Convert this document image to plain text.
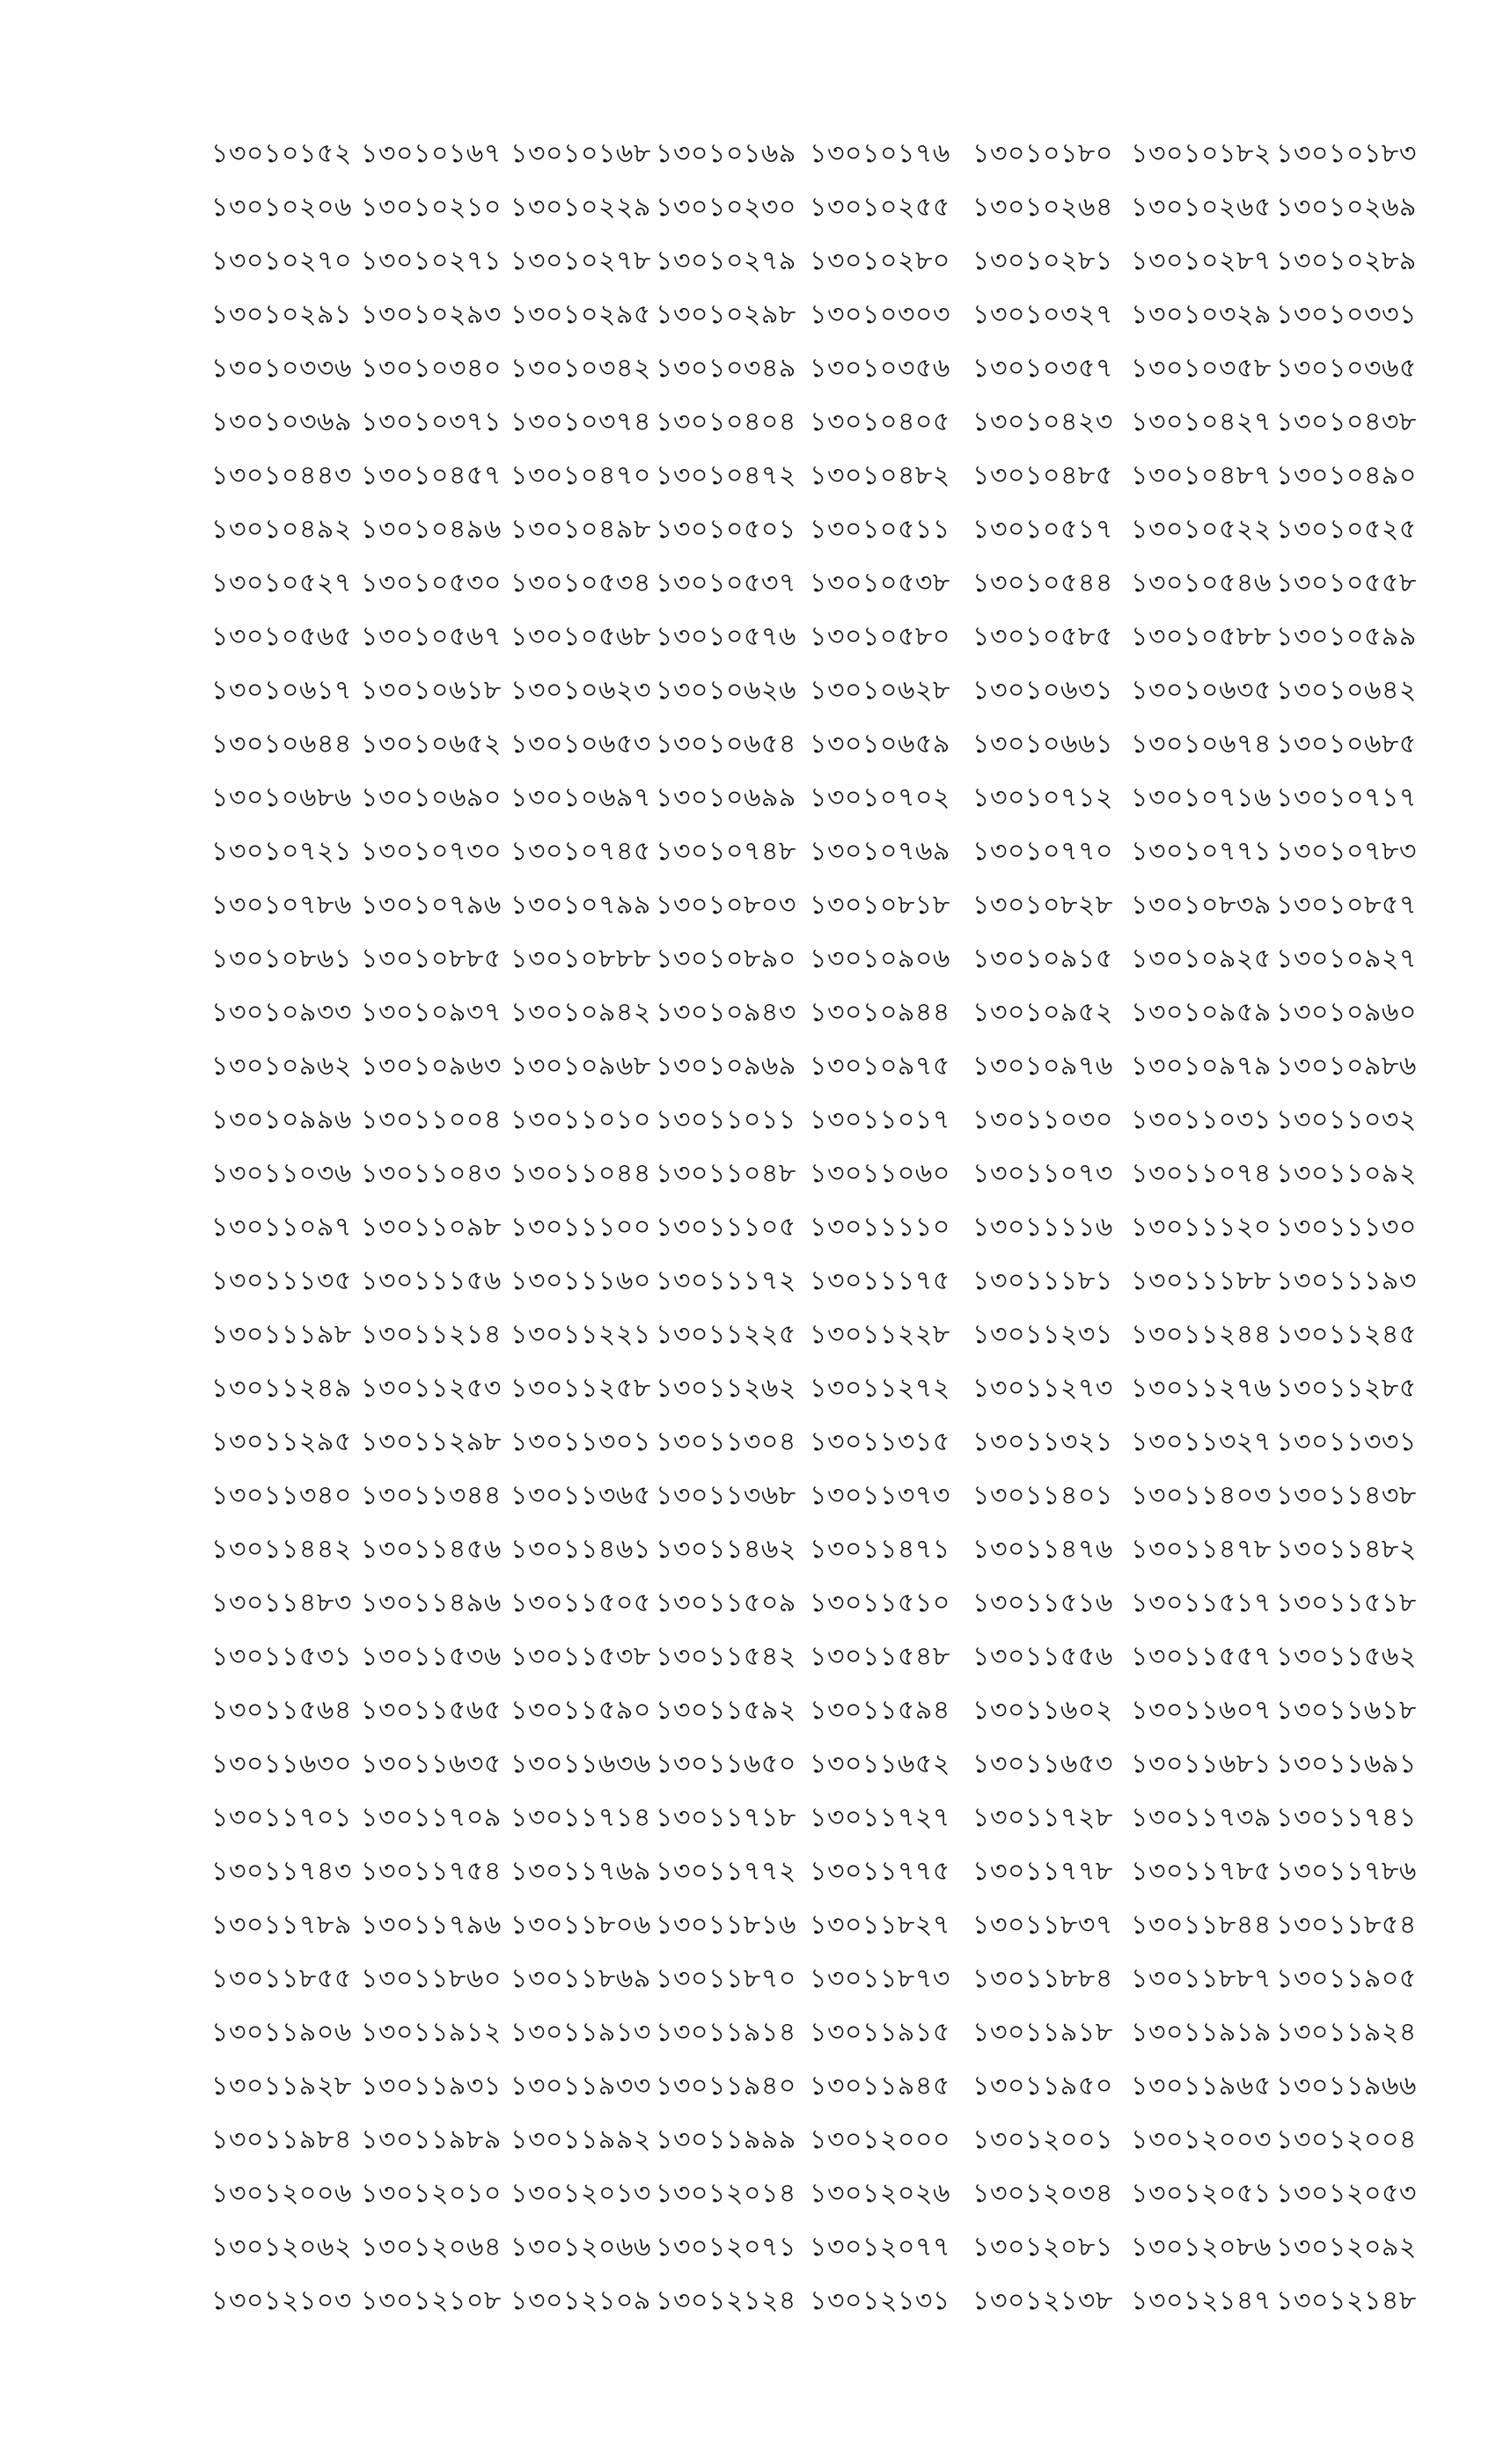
১৩০১০১৫২ ১৩০১০১৬৭ ১৩০১০১৬৮ ১৩০১০১৬৯ ১৩০১০১৭৬ ১৩০১০১৮০ ১৩০১০১৮২ ১৩০১০১৮৩
১৩০১০২০৬ ১৩০১০২১০ ১৩০১০২২৯ ১৩০১০২৩০ ১৩০১০২৫৫ ১৩০১০২৬৪ ১৩০১০২৬৫ ১৩০১০২৬৯
১৩০১০২৭০ ১৩০১০২৭১ ১৩০১০২৭৮ ১৩০১০২৭৯ ১৩০১০২৮০ ১৩০১০২৮১ ১৩০১০২৮৭ ১৩০১০২৮৯
১৩০১০২৯১ ১৩০১০২৯৩ ১৩০১০২৯৫ ১৩০১০২৯৮ ১৩০১০৩০৩ ১৩০১০৩২৭ ১৩০১০৩২৯ ১৩০১০৩৩১
১৩০১০৩৩৬ ১৩০১০৩৪০ ১৩০১০৩৪২ ১৩০১০৩৪৯ ১৩০১০৩৫৬ ১৩০১০৩৫৭ ১৩০১০৩৫৮ ১৩০১০৩৬৫
১৩০১০৩৬৯ ১৩০১০৩৭১ ১৩০১০৩৭৪ ১৩০১০৪০৪ ১৩০১০৪০৫ ১৩০১০৪২৩ ১৩০১০৪২৭ ১৩০১০৪৩৮
১৩০১০৪৪৩ ১৩০১০৪৫৭ ১৩০১০৪৭০ ১৩০১০৪৭২ ১৩০১০৪৮২ ১৩০১০৪৮৫ ১৩০১০৪৮৭ ১৩০১০৪৯০
১৩০১০৪৯২ ১৩০১০৪৯৬ ১৩০১০৪৯৮ ১৩০১০৫০১ ১৩০১০৫১১ ১৩০১০৫১৭ ১৩০১০৫২২ ১৩০১০৫২৫
১৩০১০৫২৭ ১৩০১০৫৩০ ১৩০১০৫৩৪ ১৩০১০৫৩৭ ১৩০১০৫৩৮ ১৩০১০৫৪৪ ১৩০১০৫৪৬ ১৩০১০৫৫৮
১৩০১০৫৬৫ ১৩০১০৫৬৭ ১৩০১০৫৬৮ ১৩০১০৫৭৬ ১৩০১০৫৮০ ১৩০১০৫৮৫ ১৩০১০৫৮৮ ১৩০১০৫৯৯
১৩০১০৬১৭ ১৩০১০৬১৮ ১৩০১০৬২৩ ১৩০১০৬২৬ ১৩০১০৬২৮ ১৩০১০৬৩১ ১৩০১০৬৩৫ ১৩০১০৬৪২
১৩০১০৬৪৪ ১৩০১০৬৫২ ১৩০১০৬৫৩ ১৩০১০৬৫৪ ১৩০১০৬৫৯ ১৩০১০৬৬১ ১৩০১০৬৭৪ ১৩০১০৬৮৫
১৩০১০৬৮৬ ১৩০১০৬৯০ ১৩০১০৬৯৭ ১৩০১০৬৯৯ ১৩০১০৭০২ ১৩০১০৭১২ ১৩০১০৭১৬ ১৩০১০৭১৭
১৩০১০৭২১ ১৩০১০৭৩০ ১৩০১০৭৪৫ ১৩০১০৭৪৮ ১৩০১০৭৬৯ ১৩০১০৭৭০ ১৩০১০৭৭১ ১৩০১০৭৮৩
১৩০১০৭৮৬ ১৩০১০৭৯৬ ১৩০১০৭৯৯ ১৩০১০৮০৩ ১৩০১০৮১৮ ১৩০১০৮২৮ ১৩০১০৮৩৯ ১৩০১০৮৫৭
১৩০১০৮৬১ ১৩০১০৮৮৫ ১৩০১০৮৮৮ ১৩০১০৮৯০ ১৩০১০৯০৬ ১৩০১০৯১৫ ১৩০১০৯২৫ ১৩০১০৯২৭
১৩০১০৯৩৩ ১৩০১০৯৩৭ ১৩০১০৯৪২ ১৩০১০৯৪৩ ১৩০১০৯৪৪ ১৩০১০৯৫২ ১৩০১০৯৫৯ ১৩০১০৯৬০
১৩০১০৯৬২ ১৩০১০৯৬৩ ১৩০১০৯৬৮ ১৩০১০৯৬৯ ১৩০১০৯৭৫ ১৩০১০৯৭৬ ১৩০১০৯৭৯ ১৩০১০৯৮৬
১৩০১০৯৯৬ ১৩০১১০০৪ ১৩০১১০১০ ১৩০১১০১১ ১৩০১১০১৭ ১৩০১১০৩০ ১৩০১১০৩১ ১৩০১১০৩২
১৩০১১০৩৬ ১৩০১১০৪৩ ১৩০১১০৪৪ ১৩০১১০৪৮ ১৩০১১০৬০ ১৩০১১০৭৩ ১৩০১১০৭৪ ১৩০১১০৯২
১৩০১১০৯৭ ১৩০১১০৯৮ ১৩০১১১০০ ১৩০১১১০৫ ১৩০১১১১০ ১৩০১১১১৬ ১৩০১১১২০ ১৩০১১১৩০
১৩০১১১৩৫ ১৩০১১১৫৬ ১৩০১১১৬০ ১৩০১১১৭২ ১৩০১১১৭৫ ১৩০১১১৮১ ১৩০১১১৮৮ ১৩০১১১৯৩
১৩০১১১৯৮ ১৩০১১২১৪ ১৩০১১২২১ ১৩০১১২২৫ ১৩০১১২২৮ ১৩০১১২৩১ ১৩০১১২৪৪ ১৩০১১২৪৫
১৩০১১২৪৯ ১৩০১১২৫৩ ১৩০১১২৫৮ ১৩০১১২৬২ ১৩০১১২৭২ ১৩০১১২৭৩ ১৩০১১২৭৬ ১৩০১১২৮৫
১৩০১১২৯৫ ১৩০১১২৯৮ ১৩০১১৩০১ ১৩০১১৩০৪ ১৩০১১৩১৫ ১৩০১১৩২১ ১৩০১১৩২৭ ১৩০১১৩৩১
১৩০১১৩৪০ ১৩০১১৩৪৪ ১৩০১১৩৬৫ ১৩০১১৩৬৮ ১৩০১১৩৭৩ ১৩০১১৪০১ ১৩০১১৪০৩ ১৩০১১৪৩৮
১৩০১১৪৪২ ১৩০১১৪৫৬ ১৩০১১৪৬১ ১৩০১১৪৬২ ১৩০১১৪৭১ ১৩০১১৪৭৬ ১৩০১১৪৭৮ ১৩০১১৪৮২
১৩০১১৪৮৩ ১৩০১১৪৯৬ ১৩০১১৫০৫ ১৩০১১৫০৯ ১৩০১১৫১০ ১৩০১১৫১৬ ১৩০১১৫১৭ ১৩০১১৫১৮
১৩০১১৫৩১ ১৩০১১৫৩৬ ১৩০১১৫৩৮ ১৩০১১৫৪২ ১৩০১১৫৪৮ ১৩০১১৫৫৬ ১৩০১১৫৫৭ ১৩০১১৫৬২
১৩০১১৫৬৪ ১৩০১১৫৬৫ ১৩০১১৫৯০ ১৩০১১৫৯২ ১৩০১১৫৯৪ ১৩০১১৬০২ ১৩০১১৬০৭ ১৩০১১৬১৮
১৩০১১৬৩০ ১৩০১১৬৩৫ ১৩০১১৬৩৬ ১৩০১১৬৫০ ১৩০১১৬৫২ ১৩০১১৬৫৩ ১৩০১১৬৮১ ১৩০১১৬৯১
১৩০১১৭০১ ১৩০১১৭০৯ ১৩০১১৭১৪ ১৩০১১৭১৮ ১৩০১১৭২৭ ১৩০১১৭২৮ ১৩০১১৭৩৯ ১৩০১১৭৪১
১৩০১১৭৪৩ ১৩০১১৭৫৪ ১৩০১১৭৬৯ ১৩০১১৭৭২ ১৩০১১৭৭৫ ১৩০১১৭৭৮ ১৩০১১৭৮৫ ১৩০১১৭৮৬
১৩০১১৭৮৯ ১৩০১১৭৯৬ ১৩০১১৮০৬ ১৩০১১৮১৬ ১৩০১১৮২৭ ১৩০১১৮৩৭ ১৩০১১৮৪৪ ১৩০১১৮৫৪
১৩০১১৮৫৫ ১৩০১১৮৬০ ১৩০১১৮৬৯ ১৩০১১৮৭০ ১৩০১১৮৭৩ ১৩০১১৮৮৪ ১৩০১১৮৮৭ ১৩০১১৯০৫
১৩০১১৯০৬ ১৩০১১৯১২ ১৩০১১৯১৩ ১৩০১১৯১৪ ১৩০১১৯১৫ ১৩০১১৯১৮ ১৩০১১৯১৯ ১৩০১১৯২৪
১৩০১১৯২৮ ১৩০১১৯৩১ ১৩০১১৯৩৩ ১৩০১১৯৪০ ১৩০১১৯৪৫ ১৩০১১৯৫০ ১৩০১১৯৬৫ ১৩০১১৯৬৬
১৩০১১৯৮৪ ১৩০১১৯৮৯ ১৩০১১৯৯২ ১৩০১১৯৯৯ ১৩০১২০০০ ১৩০১২০০১ ১৩০১২০০৩ ১৩০১২০০৪
১৩০১২০০৬ ১৩০১২০১০ ১৩০১২০১৩ ১৩০১২০১৪ ১৩০১২০২৬ ১৩০১২০৩৪ ১৩০১২০৫১ ১৩০১২০৫৩
১৩০১২০৬২ ১৩০১২০৬৪ ১৩০১২০৬৬ ১৩০১২০৭১ ১৩০১২০৭৭ ১৩০১২০৮১ ১৩০১২০৮৬ ১৩০১২০৯২
১৩০১২১০৩ ১৩০১২১০৮ ১৩০১২১০৯ ১৩০১২১২৪ ১৩০১২১৩১ ১৩০১২১৩৮ ১৩০১২১৪৭ ১৩০১২১৪৮
